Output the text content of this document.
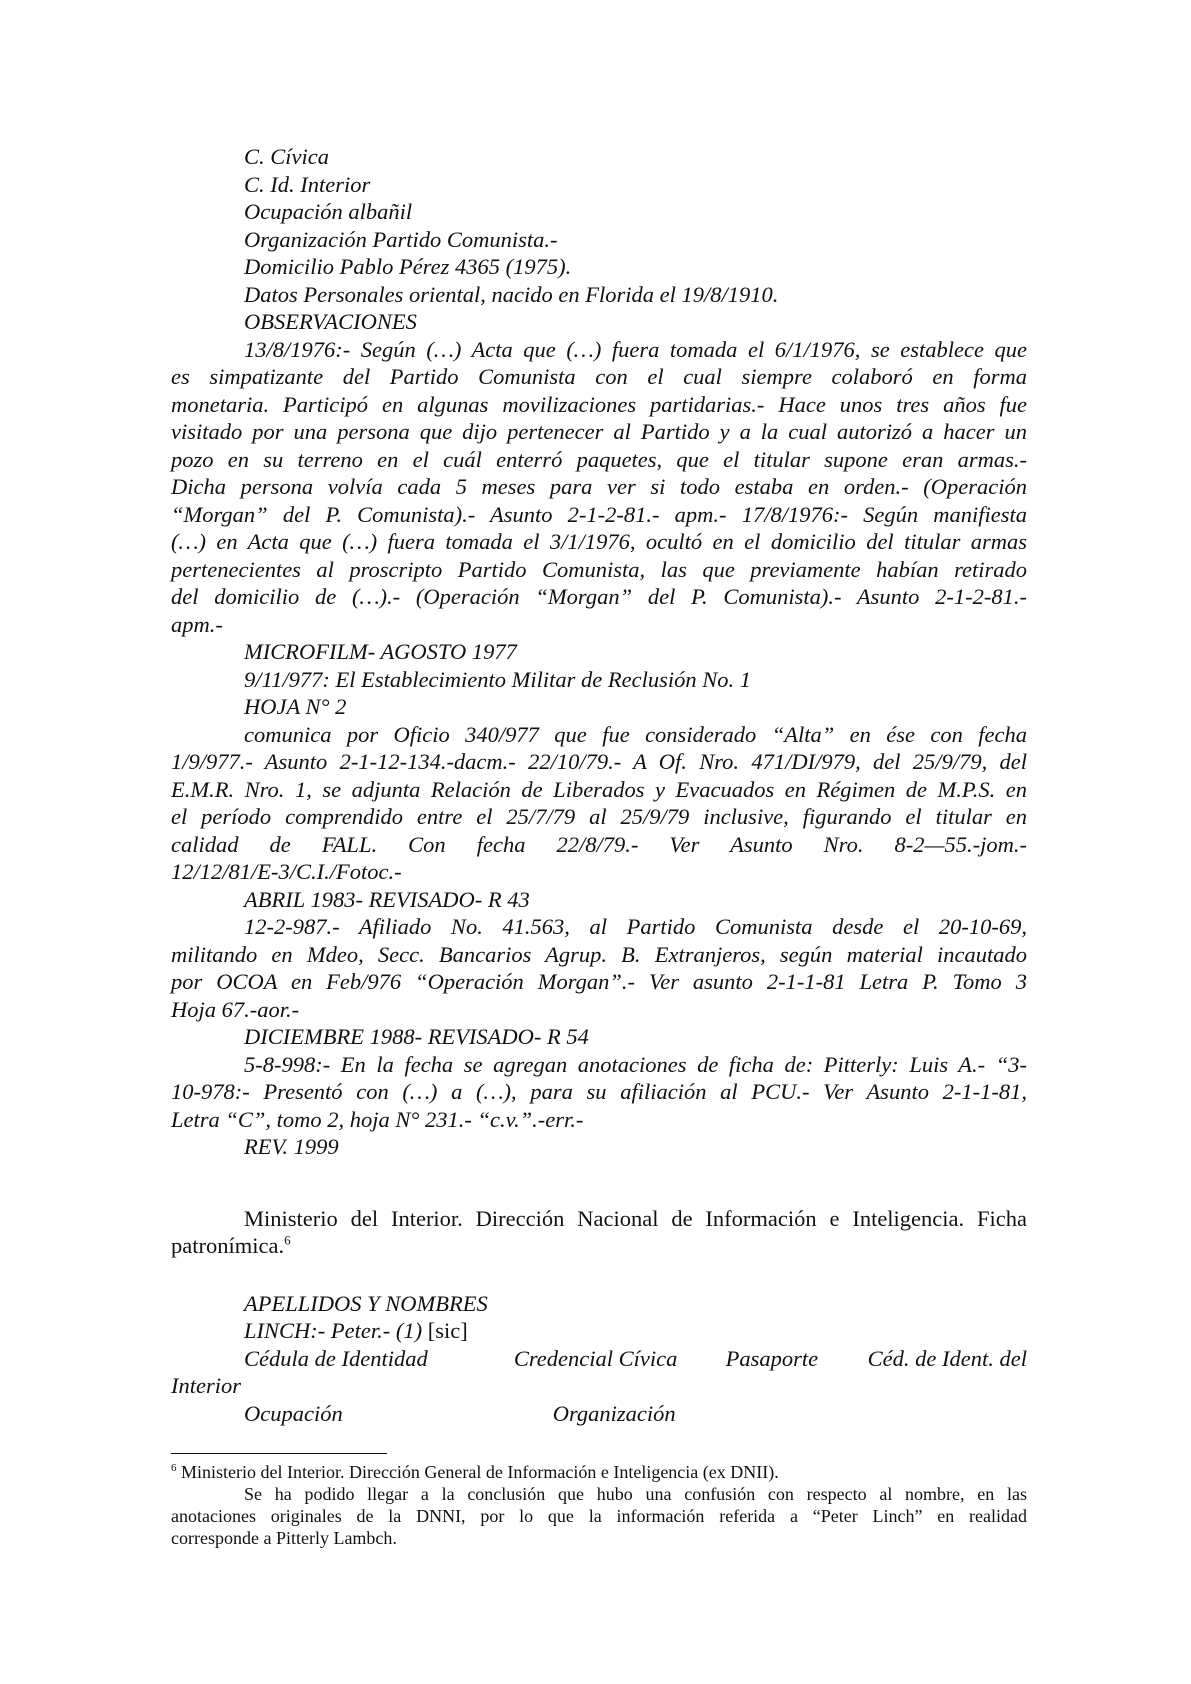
C. Cívica

C. Id. Interior

Ocupación albañil

Organización Partido Comunista.-

Domicilio Pablo Pérez 4365 (1975).

Datos Personales oriental, nacido en Florida el 19/8/1910.

OBSERVACIONES

13/8/1976:- Según (…) Acta que (…) fuera tomada el 6/1/1976, se establece que

es simpatizante del Partido Comunista con el cual siempre colaboró en forma

monetaria. Participó en algunas movilizaciones partidarias.- Hace unos tres años fue

visitado por una persona que dijo pertenecer al Partido y a la cual autorizó a hacer un

pozo en su terreno en el cuál enterró paquetes, que el titular supone eran armas.-

Dicha persona volvía cada 5 meses para ver si todo estaba en orden.- (Operación

“Morgan” del P. Comunista).- Asunto 2-1-2-81.- apm.- 17/8/1976:- Según manifiesta

(…) en Acta que (…) fuera tomada el 3/1/1976, ocultó en el domicilio del titular armas

pertenecientes al proscripto Partido Comunista, las que previamente habían retirado

del domicilio de (…).- (Operación “Morgan” del P. Comunista).- Asunto 2-1-2-81.-

apm.-

MICROFILM- AGOSTO 1977

9/11/977: El Establecimiento Militar de Reclusión No. 1

HOJA N° 2

comunica por Oficio 340/977 que fue considerado “Alta” en ése con fecha

1/9/977.- Asunto 2-1-12-134.-dacm.- 22/10/79.- A Of. Nro. 471/DI/979, del 25/9/79, del

E.M.R. Nro. 1, se adjunta Relación de Liberados y Evacuados en Régimen de M.P.S. en

el período comprendido entre el 25/7/79 al 25/9/79 inclusive, figurando el titular en

calidad de FALL. Con fecha 22/8/79.- Ver Asunto Nro. 8-2—55.-jom.-

12/12/81/E-3/C.I./Fotoc.-

ABRIL 1983- REVISADO- R 43

12-2-987.- Afiliado No. 41.563, al Partido Comunista desde el 20-10-69,

militando en Mdeo, Secc. Bancarios Agrup. B. Extranjeros, según material incautado

por OCOA en Feb/976 “Operación Morgan”.- Ver asunto 2-1-1-81 Letra P. Tomo 3

Hoja 67.-aor.-

DICIEMBRE 1988- REVISADO- R 54

5-8-998:- En la fecha se agregan anotaciones de ficha de: Pitterly: Luis A.- “3-

10-978:- Presentó con (…) a (…), para su afiliación al PCU.- Ver Asunto 2-1-1-81,

Letra “C”, tomo 2, hoja N° 231.- “c.v.”.-err.-

REV. 1999

Ministerio del Interior. Dirección Nacional de Información e Inteligencia. Ficha

patronímica.$^6$

APELLIDOS Y NOMBRES

LINCH:- Peter.- (1) [sic]

Cédula de Identidad	Credencial Cívica	Pasaporte	Céd. de Ident. del

Interior

Ocupación	Organización

$^6$ Ministerio del Interior. Dirección General de Información e Inteligencia (ex DNII).

Se ha podido llegar a la conclusión que hubo una confusión con respecto al nombre, en las

anotaciones originales de la DNNI, por lo que la información referida a “Peter Linch” en realidad

corresponde a Pitterly Lambch.
